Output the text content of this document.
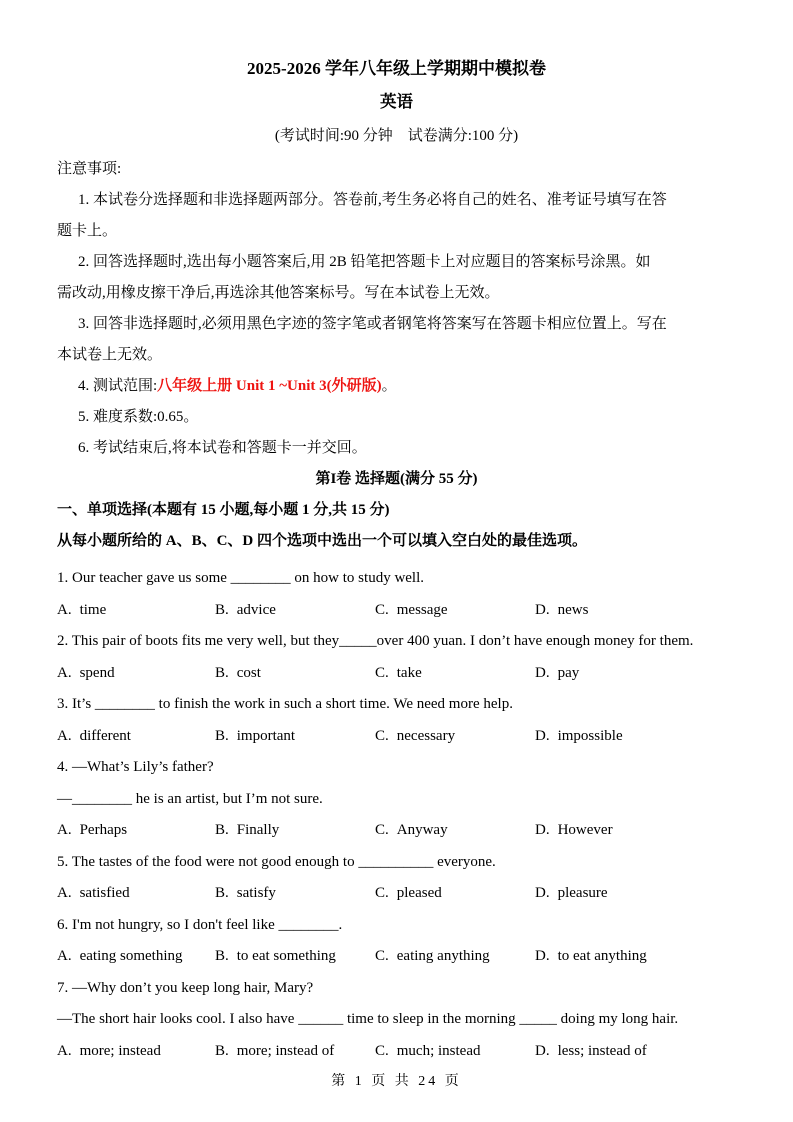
2025-2026 学年八年级上学期期中模拟卷
英语
(考试时间:90 分钟　试卷满分:100 分)
注意事项:
1. 本试卷分选择题和非选择题两部分。答卷前,考生务必将自己的姓名、准考证号填写在答
题卡上。
2. 回答选择题时,选出每小题答案后,用 2B 铅笔把答题卡上对应题目的答案标号涂黑。如
需改动,用橡皮擦干净后,再选涂其他答案标号。写在本试卷上无效。
3. 回答非选择题时,必须用黑色字迹的签字笔或者钢笔将答案写在答题卡相应位置上。写在
本试卷上无效。
4. 测试范围:八年级上册 Unit 1 ~Unit 3(外研版)。
5. 难度系数:0.65。
6. 考试结束后,将本试卷和答题卡一并交回。
第I卷 选择题(满分 55 分)
一、单项选择(本题有 15 小题,每小题 1 分,共 15 分)
从每小题所给的 A、B、C、D 四个选项中选出一个可以填入空白处的最佳选项。
1. Our teacher gave us some ________ on how to study well.
A. time	B. advice	C. message	D. news
2. This pair of boots fits me very well, but they_____over 400 yuan. I don’t have enough money for them.
A. spend	B. cost	C. take	D. pay
3. It’s ________ to finish the work in such a short time. We need more help.
A. different	B. important	C. necessary	D. impossible
4. —What’s Lily’s father?
—________ he is an artist, but I’m not sure.
A. Perhaps	B. Finally	C. Anyway	D. However
5. The tastes of the food were not good enough to __________ everyone.
A. satisfied	B. satisfy	C. pleased	D. pleasure
6. I'm not hungry, so I don't feel like ________.
A. eating something	B. to eat something	C. eating anything	D. to eat anything
7. —Why don’t you keep long hair, Mary?
—The short hair looks cool. I also have ______ time to sleep in the morning _____ doing my long hair.
A. more; instead	B. more; instead of	C. much; instead	D. less; instead of
第 1 页 共 24 页
